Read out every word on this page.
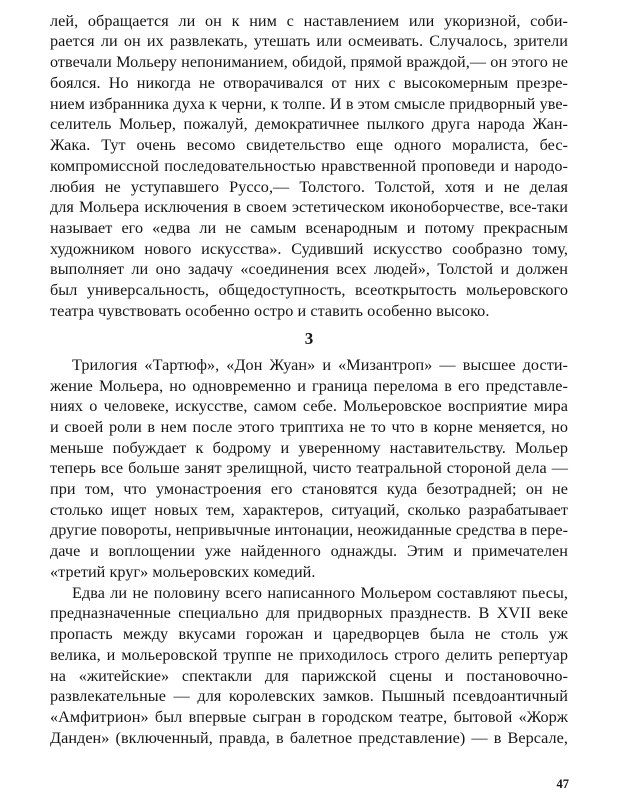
лей, обращается ли он к ним с наставлением или укоризной, соби-
рается ли он их развлекать, утешать или осмеивать. Случалось, зрители
отвечали Мольеру непониманием, обидой, прямой враждой,— он этого не
боялся. Но никогда не отворачивался от них с высокомерным презре-
нием избранника духа к черни, к толпе. И в этом смысле придворный уве-
селитель Мольер, пожалуй, демократичнее пылкого друга народа Жан-
Жака. Тут очень весомо свидетельство еще одного моралиста, бес-
компромиссной последовательностью нравственной проповеди и народо-
любия не уступавшего Руссо,— Толстого. Толстой, хотя и не делая
для Мольера исключения в своем эстетическом иконоборчестве, все-таки
называет его «едва ли не самым всенародным и потому прекрасным
художником нового искусства». Судивший искусство сообразно тому,
выполняет ли оно задачу «соединения всех людей», Толстой и должен
был универсальность, общедоступность, всеоткрытость мольеровского
театра чувствовать особенно остро и ставить особенно высоко.
3
Трилогия «Тартюф», «Дон Жуан» и «Мизантроп» — высшее дости-
жение Мольера, но одновременно и граница перелома в его представле-
ниях о человеке, искусстве, самом себе. Мольеровское восприятие мира
и своей роли в нем после этого триптиха не то что в корне меняется, но
меньше побуждает к бодрому и уверенному наставительству. Мольер
теперь все больше занят зрелищной, чисто театральной стороной дела —
при том, что умонастроения его становятся куда безотрадней; он не
столько ищет новых тем, характеров, ситуаций, сколько разрабатывает
другие повороты, непривычные интонации, неожиданные средства в пере-
даче и воплощении уже найденного однажды. Этим и примечателен
«третий круг» мольеровских комедий.
Едва ли не половину всего написанного Мольером составляют пьесы,
предназначенные специально для придворных празднеств. В XVII веке
пропасть между вкусами горожан и царедворцев была не столь уж
велика, и мольеровской труппе не приходилось строго делить репертуар
на «житейские» спектакли для парижской сцены и постановочно-
развлекательные — для королевских замков. Пышный псевдоантичный
«Амфитрион» был впервые сыгран в городском театре, бытовой «Жорж
Данден» (включенный, правда, в балетное представление) — в Версале,
47
